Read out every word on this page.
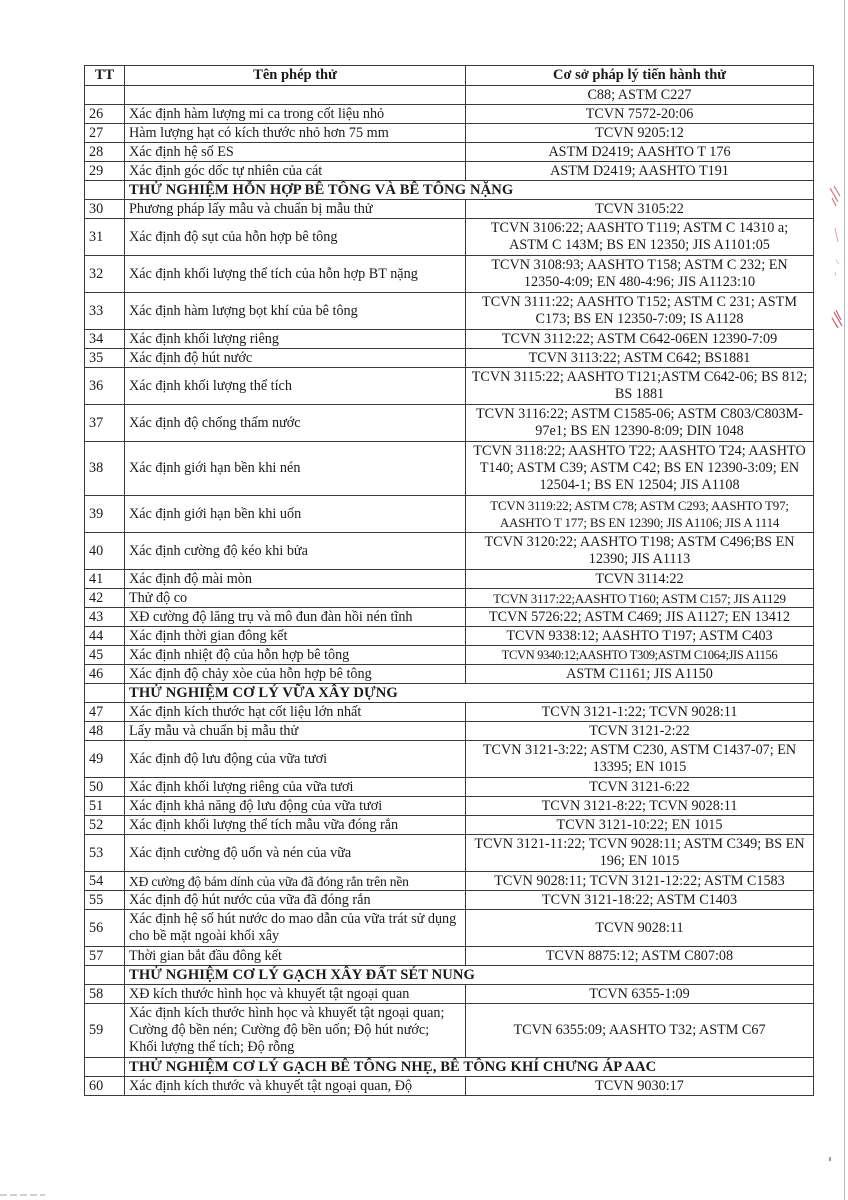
TT	Tên phép thử	Cơ sở pháp lý tiến hành thử
		C88; ASTM C227
26	Xác định hàm lượng mi ca trong cốt liệu nhỏ	TCVN 7572-20:06
27	Hàm lượng hạt có kích thước nhỏ hơn 75 mm	TCVN 9205:12
28	Xác định hệ số ES	ASTM D2419; AASHTO T 176
29	Xác định góc dốc tự nhiên của cát	ASTM D2419; AASHTO T191
	THỬ NGHIỆM HỖN HỢP BÊ TÔNG VÀ BÊ TÔNG NẶNG	
30	Phương pháp lấy mẫu và chuẩn bị mẫu thử	TCVN 3105:22
31	Xác định độ sụt của hỗn hợp bê tông	TCVN 3106:22; AASHTO T119; ASTM C 14310 a; ASTM C 143M; BS EN 12350; JIS A1101:05
32	Xác định khối lượng thể tích của hỗn hợp BT nặng	TCVN 3108:93; AASHTO T158; ASTM C 232; EN 12350-4:09; EN 480-4:96; JIS A1123:10
33	Xác định hàm lượng bọt khí của bê tông	TCVN 3111:22; AASHTO T152; ASTM C 231; ASTM C173; BS EN 12350-7:09; IS A1128
34	Xác định khối lượng riêng	TCVN 3112:22; ASTM C642-06EN 12390-7:09
35	Xác định độ hút nước	TCVN 3113:22; ASTM C642; BS1881
36	Xác định khối lượng thể tích	TCVN 3115:22; AASHTO T121;ASTM C642-06; BS 812; BS 1881
37	Xác định độ chống thấm nước	TCVN 3116:22; ASTM C1585-06; ASTM C803/C803M-97e1; BS EN 12390-8:09; DIN 1048
38	Xác định giới hạn bền khi nén	TCVN 3118:22; AASHTO T22; AASHTO T24; AASHTO T140; ASTM C39; ASTM C42; BS EN 12390-3:09; EN 12504-1; BS EN 12504; JIS A1108
39	Xác định giới hạn bền khi uốn	TCVN 3119:22; ASTM C78; ASTM C293; AASHTO T97; AASHTO T 177; BS EN 12390; JIS A1106; JIS A 1114
40	Xác định cường độ kéo khi bửa	TCVN 3120:22; AASHTO T198; ASTM C496;BS EN 12390; JIS A1113
41	Xác định độ mài mòn	TCVN 3114:22
42	Thử độ co	TCVN 3117:22;AASHTO T160; ASTM C157; JIS A1129
43	XĐ cường độ lăng trụ và mô đun đàn hồi nén tĩnh	TCVN 5726:22; ASTM C469; JIS A1127; EN 13412
44	Xác định thời gian đông kết	TCVN 9338:12; AASHTO T197; ASTM C403
45	Xác định nhiệt độ của hỗn hợp bê tông	TCVN 9340:12;AASHTO T309;ASTM C1064;JIS A1156
46	Xác định độ chảy xòe của hỗn hợp bê tông	ASTM C1161; JIS A1150
	THỬ NGHIỆM CƠ LÝ VỮA XÂY DỰNG	
47	Xác định kích thước hạt cốt liệu lớn nhất	TCVN 3121-1:22; TCVN 9028:11
48	Lấy mẫu và chuẩn bị mẫu thử	TCVN 3121-2:22
49	Xác định độ lưu động của vữa tươi	TCVN 3121-3:22; ASTM C230, ASTM C1437-07; EN 13395; EN 1015
50	Xác định khối lượng riêng của vữa tươi	TCVN 3121-6:22
51	Xác định khả năng độ lưu động của vữa tươi	TCVN 3121-8:22; TCVN 9028:11
52	Xác định khối lượng thể tích mẫu vữa đóng rắn	TCVN 3121-10:22; EN 1015
53	Xác định cường độ uốn và nén của vữa	TCVN 3121-11:22; TCVN 9028:11; ASTM C349; BS EN 196; EN 1015
54	XĐ cường độ bám dính của vữa đã đóng rắn trên nền	TCVN 9028:11; TCVN 3121-12:22; ASTM C1583
55	Xác định độ hút nước của vữa đã đóng rắn	TCVN 3121-18:22; ASTM C1403
56	Xác định hệ số hút nước do mao dẫn của vữa trát sử dụng cho bề mặt ngoài khối xây	TCVN 9028:11
57	Thời gian bắt đầu đông kết	TCVN 8875:12; ASTM C807:08
	THỬ NGHIỆM CƠ LÝ GẠCH XÂY ĐẤT SÉT NUNG	
58	XĐ kích thước hình học và khuyết tật ngoại quan	TCVN 6355-1:09
59	Xác định kích thước hình học và khuyết tật ngoại quan; Cường độ bền nén; Cường độ bền uốn; Độ hút nước; Khối lượng thể tích; Độ rỗng	TCVN 6355:09; AASHTO T32; ASTM C67
	THỬ NGHIỆM CƠ LÝ GẠCH BÊ TÔNG NHẸ, BÊ TÔNG KHÍ CHƯNG ÁP AAC	
60	Xác định kích thước và khuyết tật ngoại quan, Độ	TCVN 9030:17
